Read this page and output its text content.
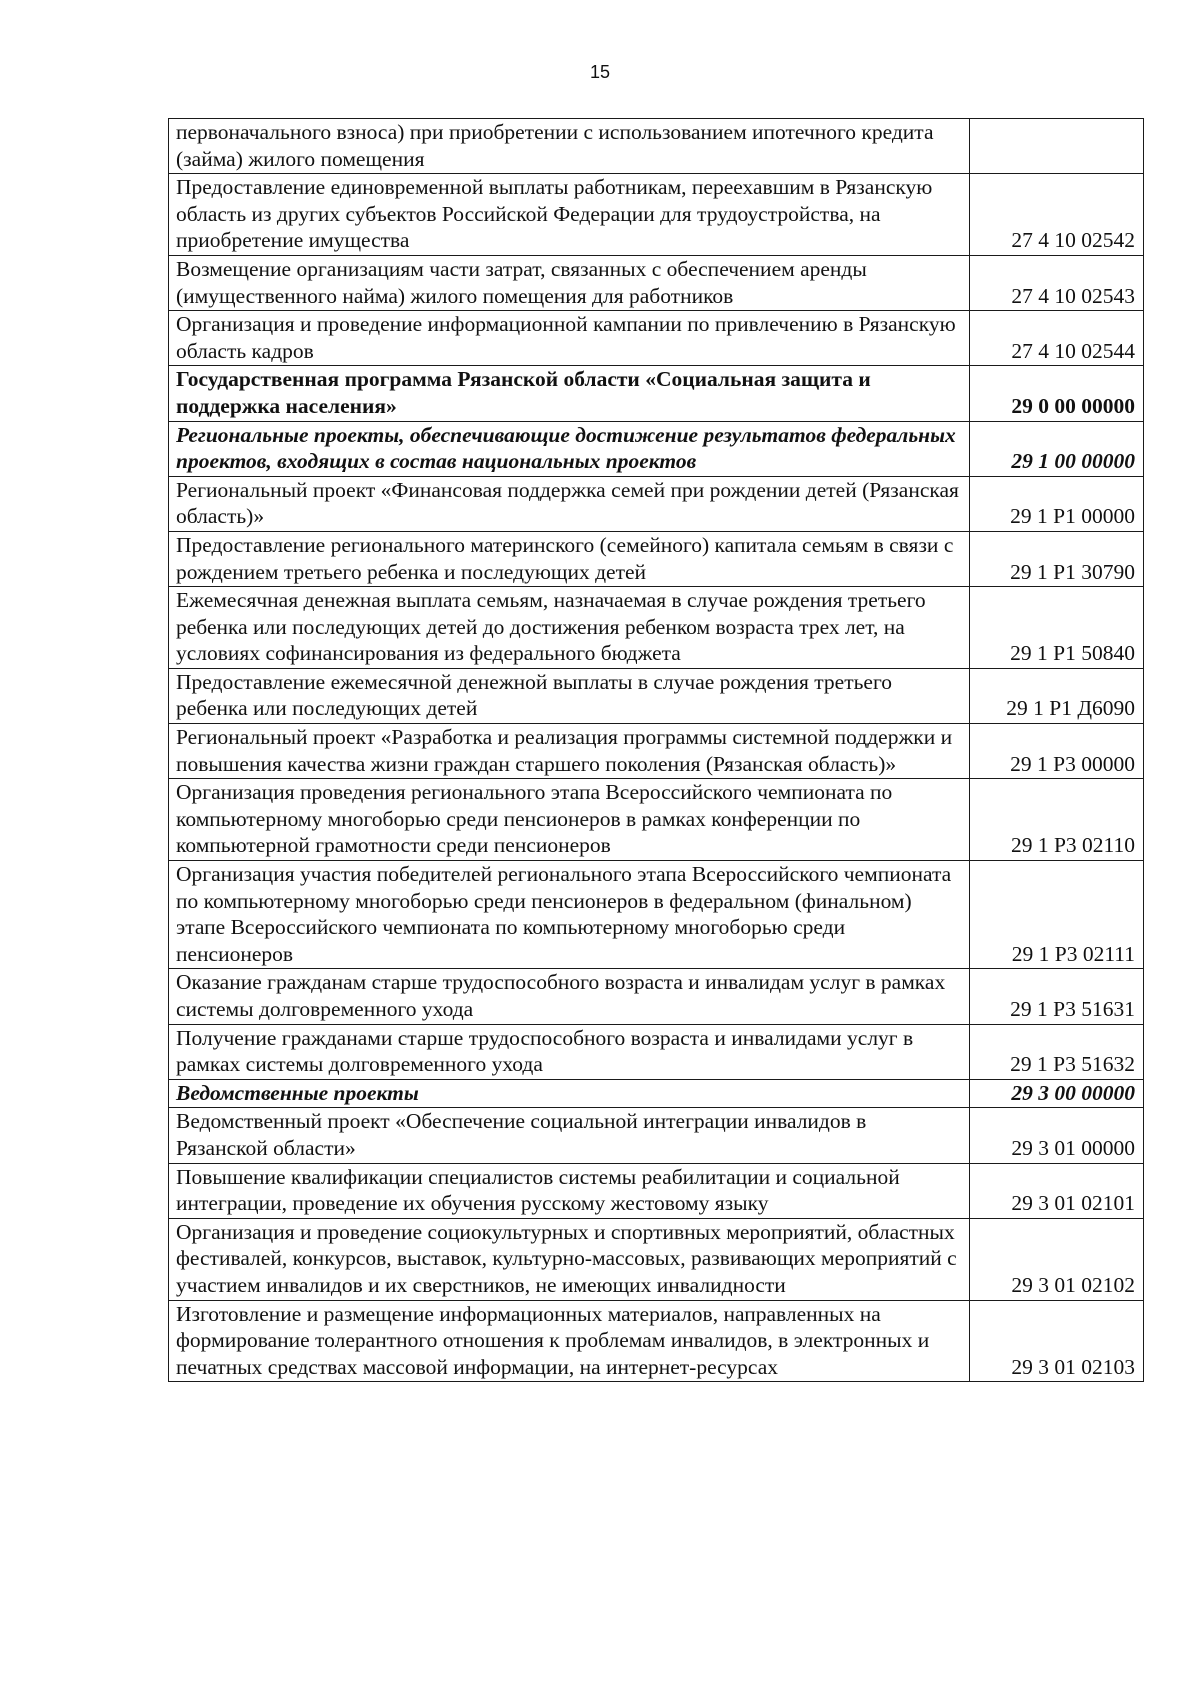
15
первоначального взноса) при приобретении с использованием ипотечного кредита (займа) жилого помещения	
Предоставление единовременной выплаты работникам, переехавшим в Рязанскую область из других субъектов Российской Федерации для трудоустройства, на приобретение имущества	27 4 10 02542
Возмещение организациям части затрат, связанных с обеспечением аренды (имущественного найма) жилого помещения для работников	27 4 10 02543
Организация и проведение информационной кампании по привлечению в Рязанскую область кадров	27 4 10 02544
Государственная программа Рязанской области «Социальная защита и поддержка населения»	29 0 00 00000
Региональные проекты, обеспечивающие достижение результатов федеральных проектов, входящих в состав национальных проектов	29 1 00 00000
Региональный проект «Финансовая поддержка семей при рождении детей (Рязанская область)»	29 1 Р1 00000
Предоставление регионального материнского (семейного) капитала семьям в связи с рождением третьего ребенка и последующих детей	29 1 Р1 30790
Ежемесячная денежная выплата семьям, назначаемая в случае рождения третьего ребенка или последующих детей до достижения ребенком возраста трех лет, на условиях софинансирования из федерального бюджета	29 1 Р1 50840
Предоставление ежемесячной денежной выплаты в случае рождения третьего ребенка или последующих детей	29 1 Р1 Д6090
Региональный проект «Разработка и реализация программы системной поддержки и повышения качества жизни граждан старшего поколения (Рязанская область)»	29 1 Р3 00000
Организация проведения регионального этапа Всероссийского чемпионата по компьютерному многоборью среди пенсионеров в рамках конференции по компьютерной грамотности среди пенсионеров	29 1 Р3 02110
Организация участия победителей регионального этапа Всероссийского чемпионата по компьютерному многоборью среди пенсионеров в федеральном (финальном) этапе Всероссийского чемпионата по компьютерному многоборью среди пенсионеров	29 1 Р3 02111
Оказание гражданам старше трудоспособного возраста и инвалидам услуг в рамках системы долговременного ухода	29 1 Р3 51631
Получение гражданами старше трудоспособного возраста и инвалидами услуг в рамках системы долговременного ухода	29 1 Р3 51632
Ведомственные проекты	29 3 00 00000
Ведомственный проект «Обеспечение социальной интеграции инвалидов в Рязанской области»	29 3 01 00000
Повышение квалификации специалистов системы реабилитации и социальной интеграции, проведение их обучения русскому жестовому языку	29 3 01 02101
Организация и проведение социокультурных и спортивных мероприятий, областных фестивалей, конкурсов, выставок, культурно-массовых, развивающих мероприятий с участием инвалидов и их сверстников, не имеющих инвалидности	29 3 01 02102
Изготовление и размещение информационных материалов, направленных на формирование толерантного отношения к проблемам инвалидов, в электронных и печатных средствах массовой информации, на интернет-ресурсах	29 3 01 02103
